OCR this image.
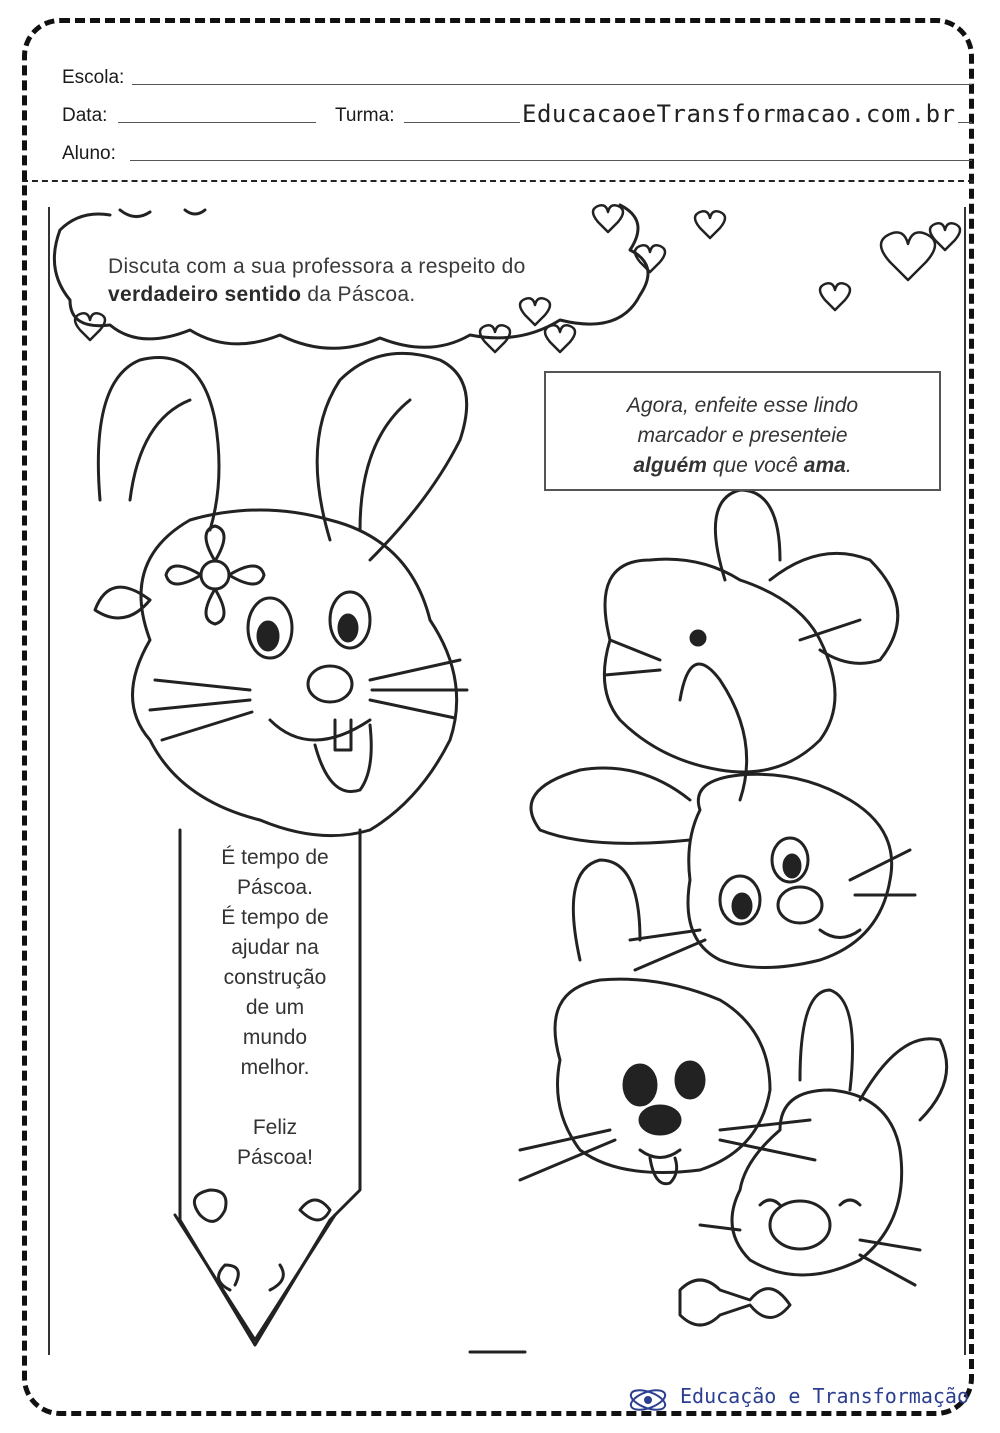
Escola:
Data:	Turma:	EducacaoeTransformacao.com.br
Aluno:
Discuta com a sua professora a respeito do
verdadeiro sentido da Páscoa.
Agora, enfeite esse lindo
marcador e presenteie
alguém que você ama.
É tempo de
Páscoa.
É tempo de
ajudar na
construção
de um
mundo
melhor.
Feliz
Páscoa!
Educação e Transformação
